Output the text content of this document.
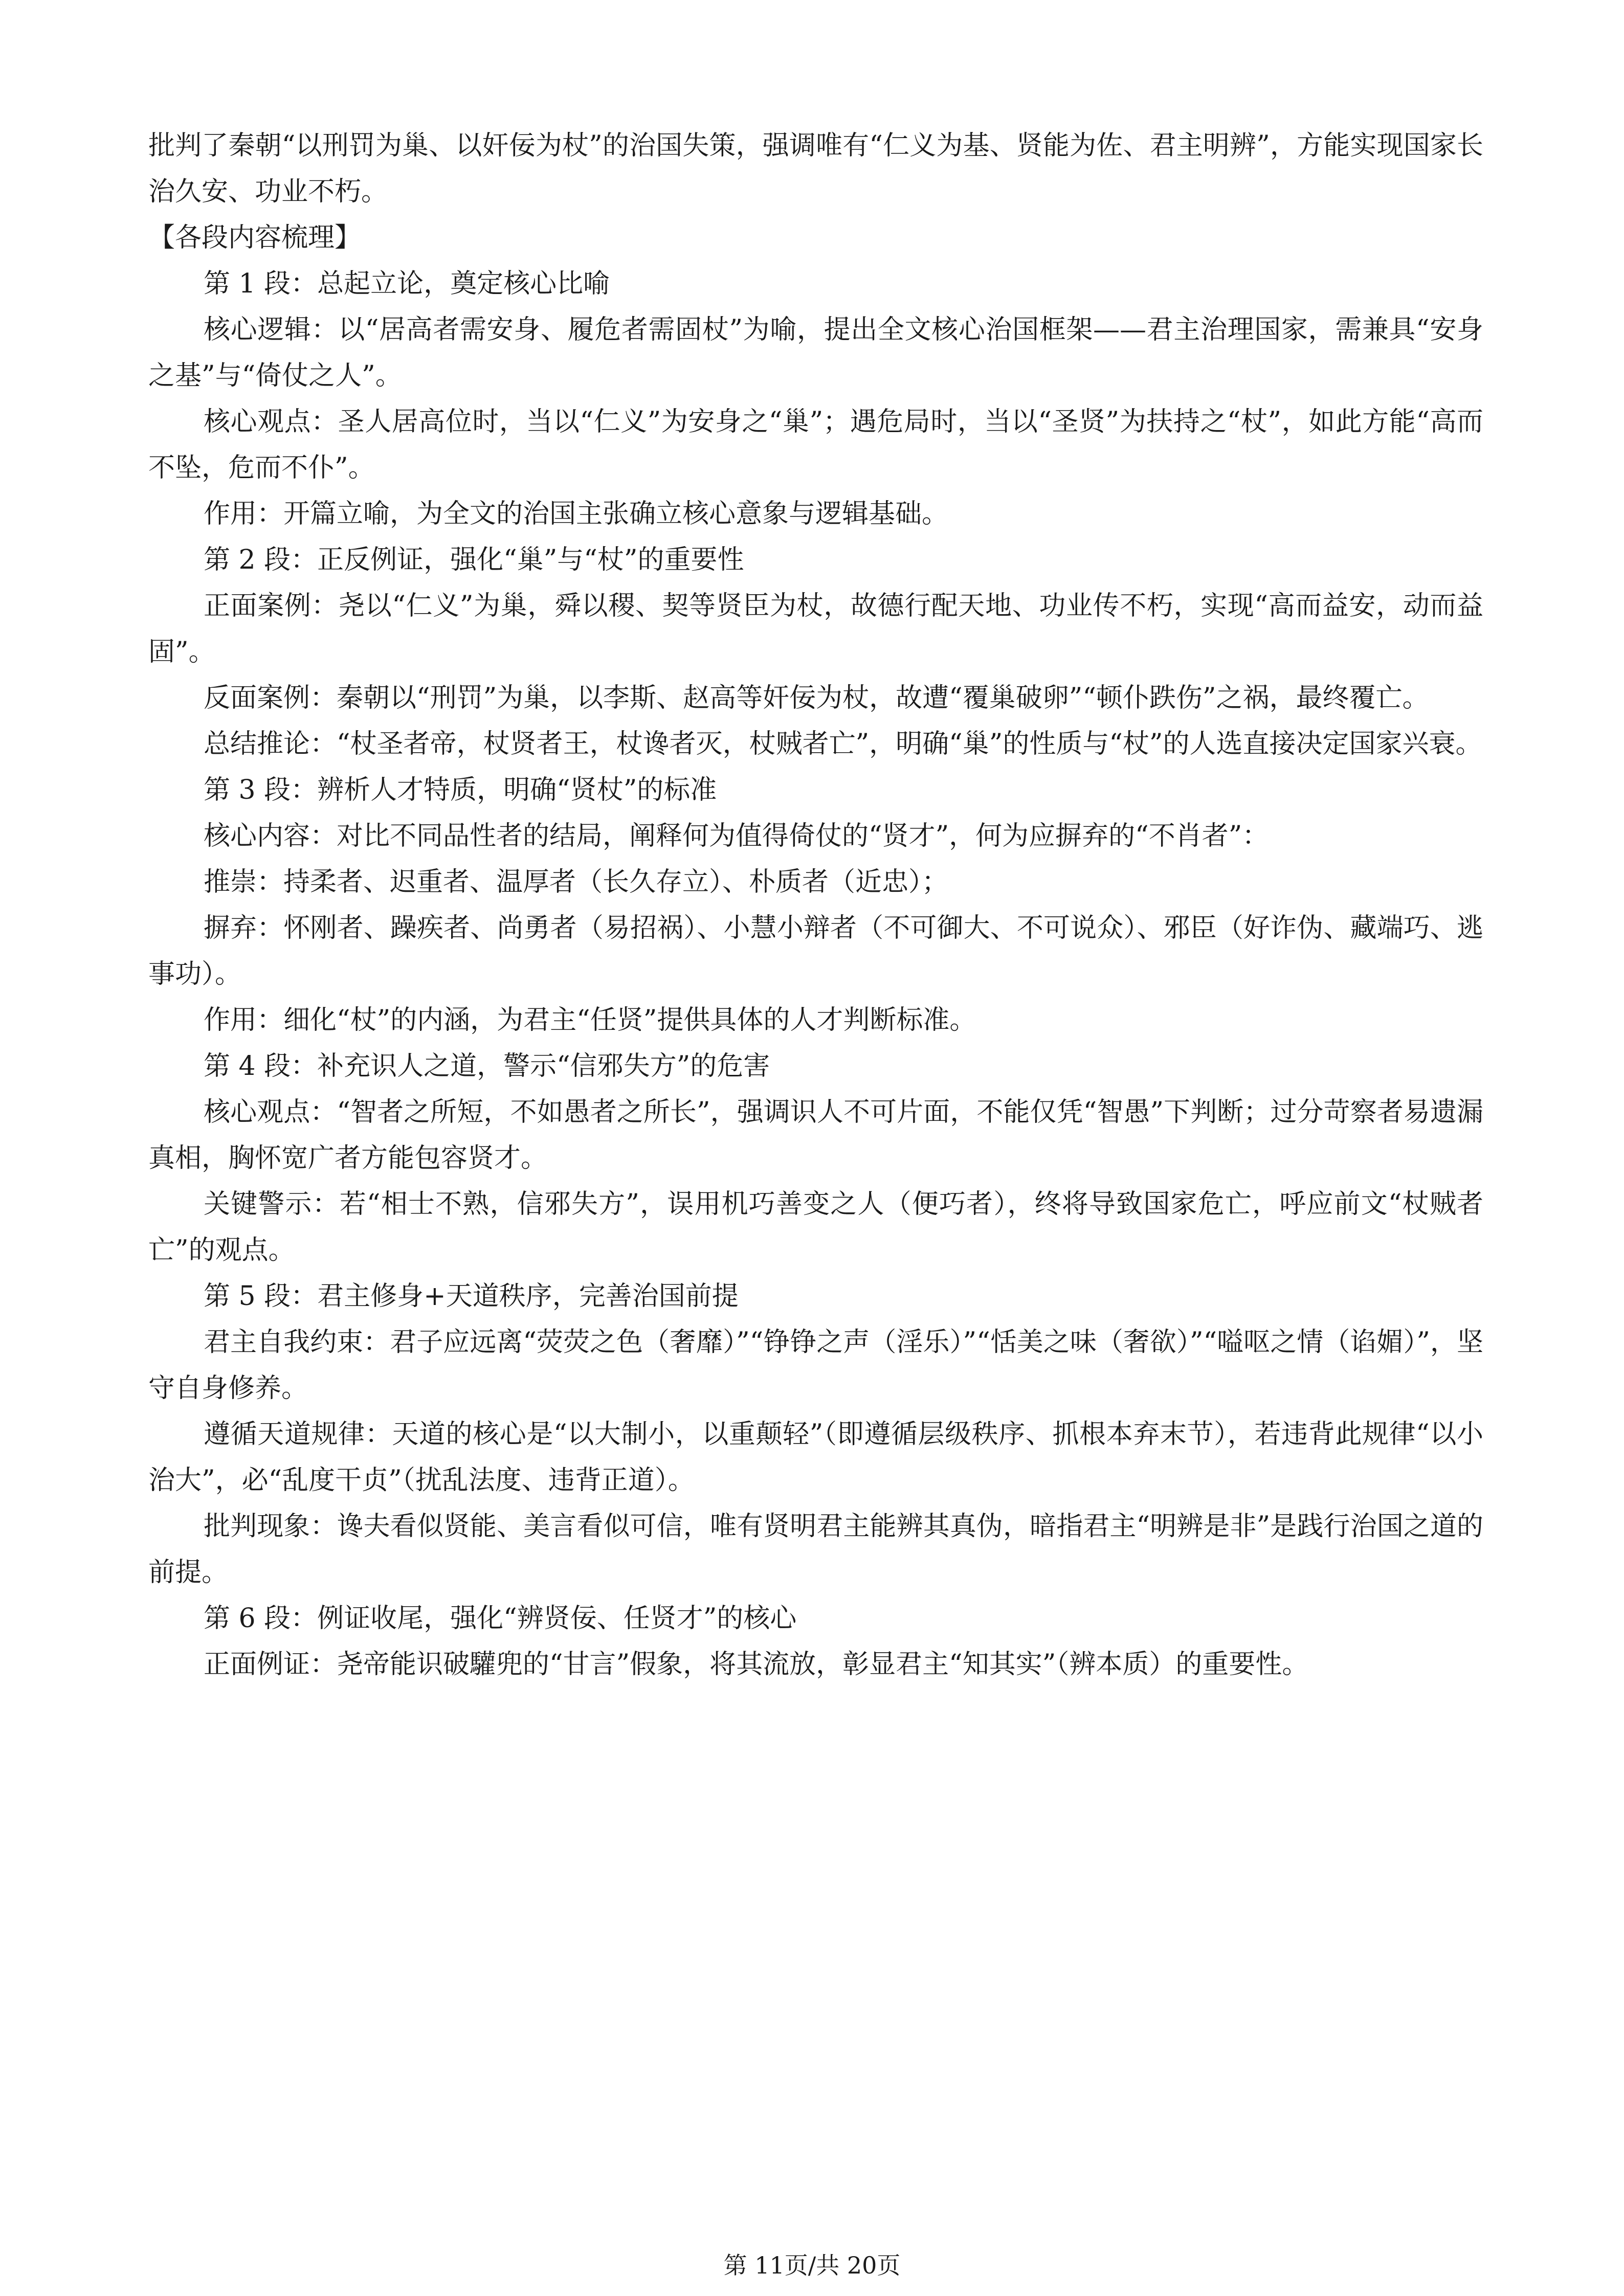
批判了秦朝“以刑罚为巢、以奸佞为杖”的治国失策，强调唯有“仁义为基、贤能为佐、君主明辨”，方能实现国家长治久安、功业不朽。

【各段内容梳理】

第 1 段：总起立论，奠定核心比喻

核心逻辑：以“居高者需安身、履危者需固杖”为喻，提出全文核心治国框架——君主治理国家，需兼具“安身之基”与“倚仗之人”。

核心观点：圣人居高位时，当以“仁义”为安身之“巢”；遇危局时，当以“圣贤”为扶持之“杖”，如此方能“高而不坠，危而不仆”。

作用：开篇立喻，为全文的治国主张确立核心意象与逻辑基础。

第 2 段：正反例证，强化“巢”与“杖”的重要性

正面案例：尧以“仁义”为巢，舜以稷、契等贤臣为杖，故德行配天地、功业传不朽，实现“高而益安，动而益固”。

反面案例：秦朝以“刑罚”为巢，以李斯、赵高等奸佞为杖，故遭“覆巢破卵”“顿仆跌伤”之祸，最终覆亡。

总结推论：“杖圣者帝，杖贤者王，杖谗者灭，杖贼者亡”，明确“巢”的性质与“杖”的人选直接决定国家兴衰。

第 3 段：辨析人才特质，明确“贤杖”的标准

核心内容：对比不同品性者的结局，阐释何为值得倚仗的“贤才”，何为应摒弃的“不肖者”：

推崇：持柔者、迟重者、温厚者（长久存立）、朴质者（近忠）；

摒弃：怀刚者、躁疾者、尚勇者（易招祸）、小慧小辩者（不可御大、不可说众）、邪臣（好诈伪、藏端巧、逃事功）。

作用：细化“杖”的内涵，为君主“任贤”提供具体的人才判断标准。

第 4 段：补充识人之道，警示“信邪失方”的危害

核心观点：“智者之所短，不如愚者之所长”，强调识人不可片面，不能仅凭“智愚”下判断；过分苛察者易遗漏真相，胸怀宽广者方能包容贤才。

关键警示：若“相士不熟，信邪失方”，误用机巧善变之人（便巧者），终将导致国家危亡，呼应前文“杖贼者亡”的观点。

第 5 段：君主修身+天道秩序，完善治国前提

君主自我约束：君子应远离“荧荧之色（奢靡）”“铮铮之声（淫乐）”“恬美之味（奢欲）”“嗌呕之情（谄媚）”，坚守自身修养。

遵循天道规律：天道的核心是“以大制小，以重颠轻”（即遵循层级秩序、抓根本弃末节），若违背此规律“以小治大”，必“乱度干贞”（扰乱法度、违背正道）。

批判现象：谗夫看似贤能、美言看似可信，唯有贤明君主能辨其真伪，暗指君主“明辨是非”是践行治国之道的前提。

第 6 段：例证收尾，强化“辨贤佞、任贤才”的核心

正面例证：尧帝能识破驩兜的“甘言”假象，将其流放，彰显君主“知其实”（辨本质）的重要性。

第 11页/共 20页
